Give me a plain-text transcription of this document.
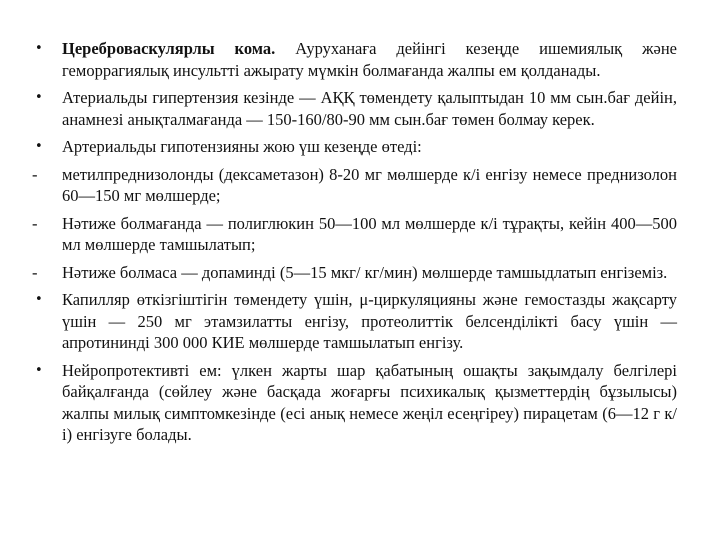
•	Цереброваскулярлы кома. Ауруханаға дейінгі кезеңде ишемиялық және геморрагиялық инсультті ажырату мүмкін болмағанда жалпы ем қолданады.
•	Атериальды гипертензия кезінде — АҚҚ төмендету қалыптыдан 10 мм сын.бағ дейін, анамнезі анықталмағанда — 150-160/80-90 мм сын.бағ төмен болмау керек.
•	Артериальды гипотензияны жою үш кезеңде өтеді:
-	метилпреднизолонды (дексаметазон) 8-20 мг мөлшерде к/і енгізу немесе преднизолон 60—150 мг мөлшерде;
-	Нәтиже болмағанда — полиглюкин 50—100 мл мөлшерде к/і тұрақты, кейін 400—500 мл мөлшерде тамшылатып;
-	Нәтиже болмаса — допаминді (5—15 мкг/ кг/мин) мөлшерде тамшыдлатып енгіземіз.
•	Капилляр өткізгіштігін төмендету үшін, μ-циркуляцияны және гемостазды жақсарту үшін — 250 мг этамзилатты енгізу, протеолиттік белсенділікті басу үшін — апротининді 300 000 КИЕ мөлшерде тамшылатып енгізу.
•	Нейропротективті ем: үлкен жарты шар қабатының ошақты зақымдалу белгілері байқалғанда (сөйлеу және басқада жоғарғы психикалық қызметтердің бұзылысы) жалпы милық симптомкезінде (есі анық немесе жеңіл есеңгіреу) пирацетам (6—12 г к/і) енгізуге болады.
